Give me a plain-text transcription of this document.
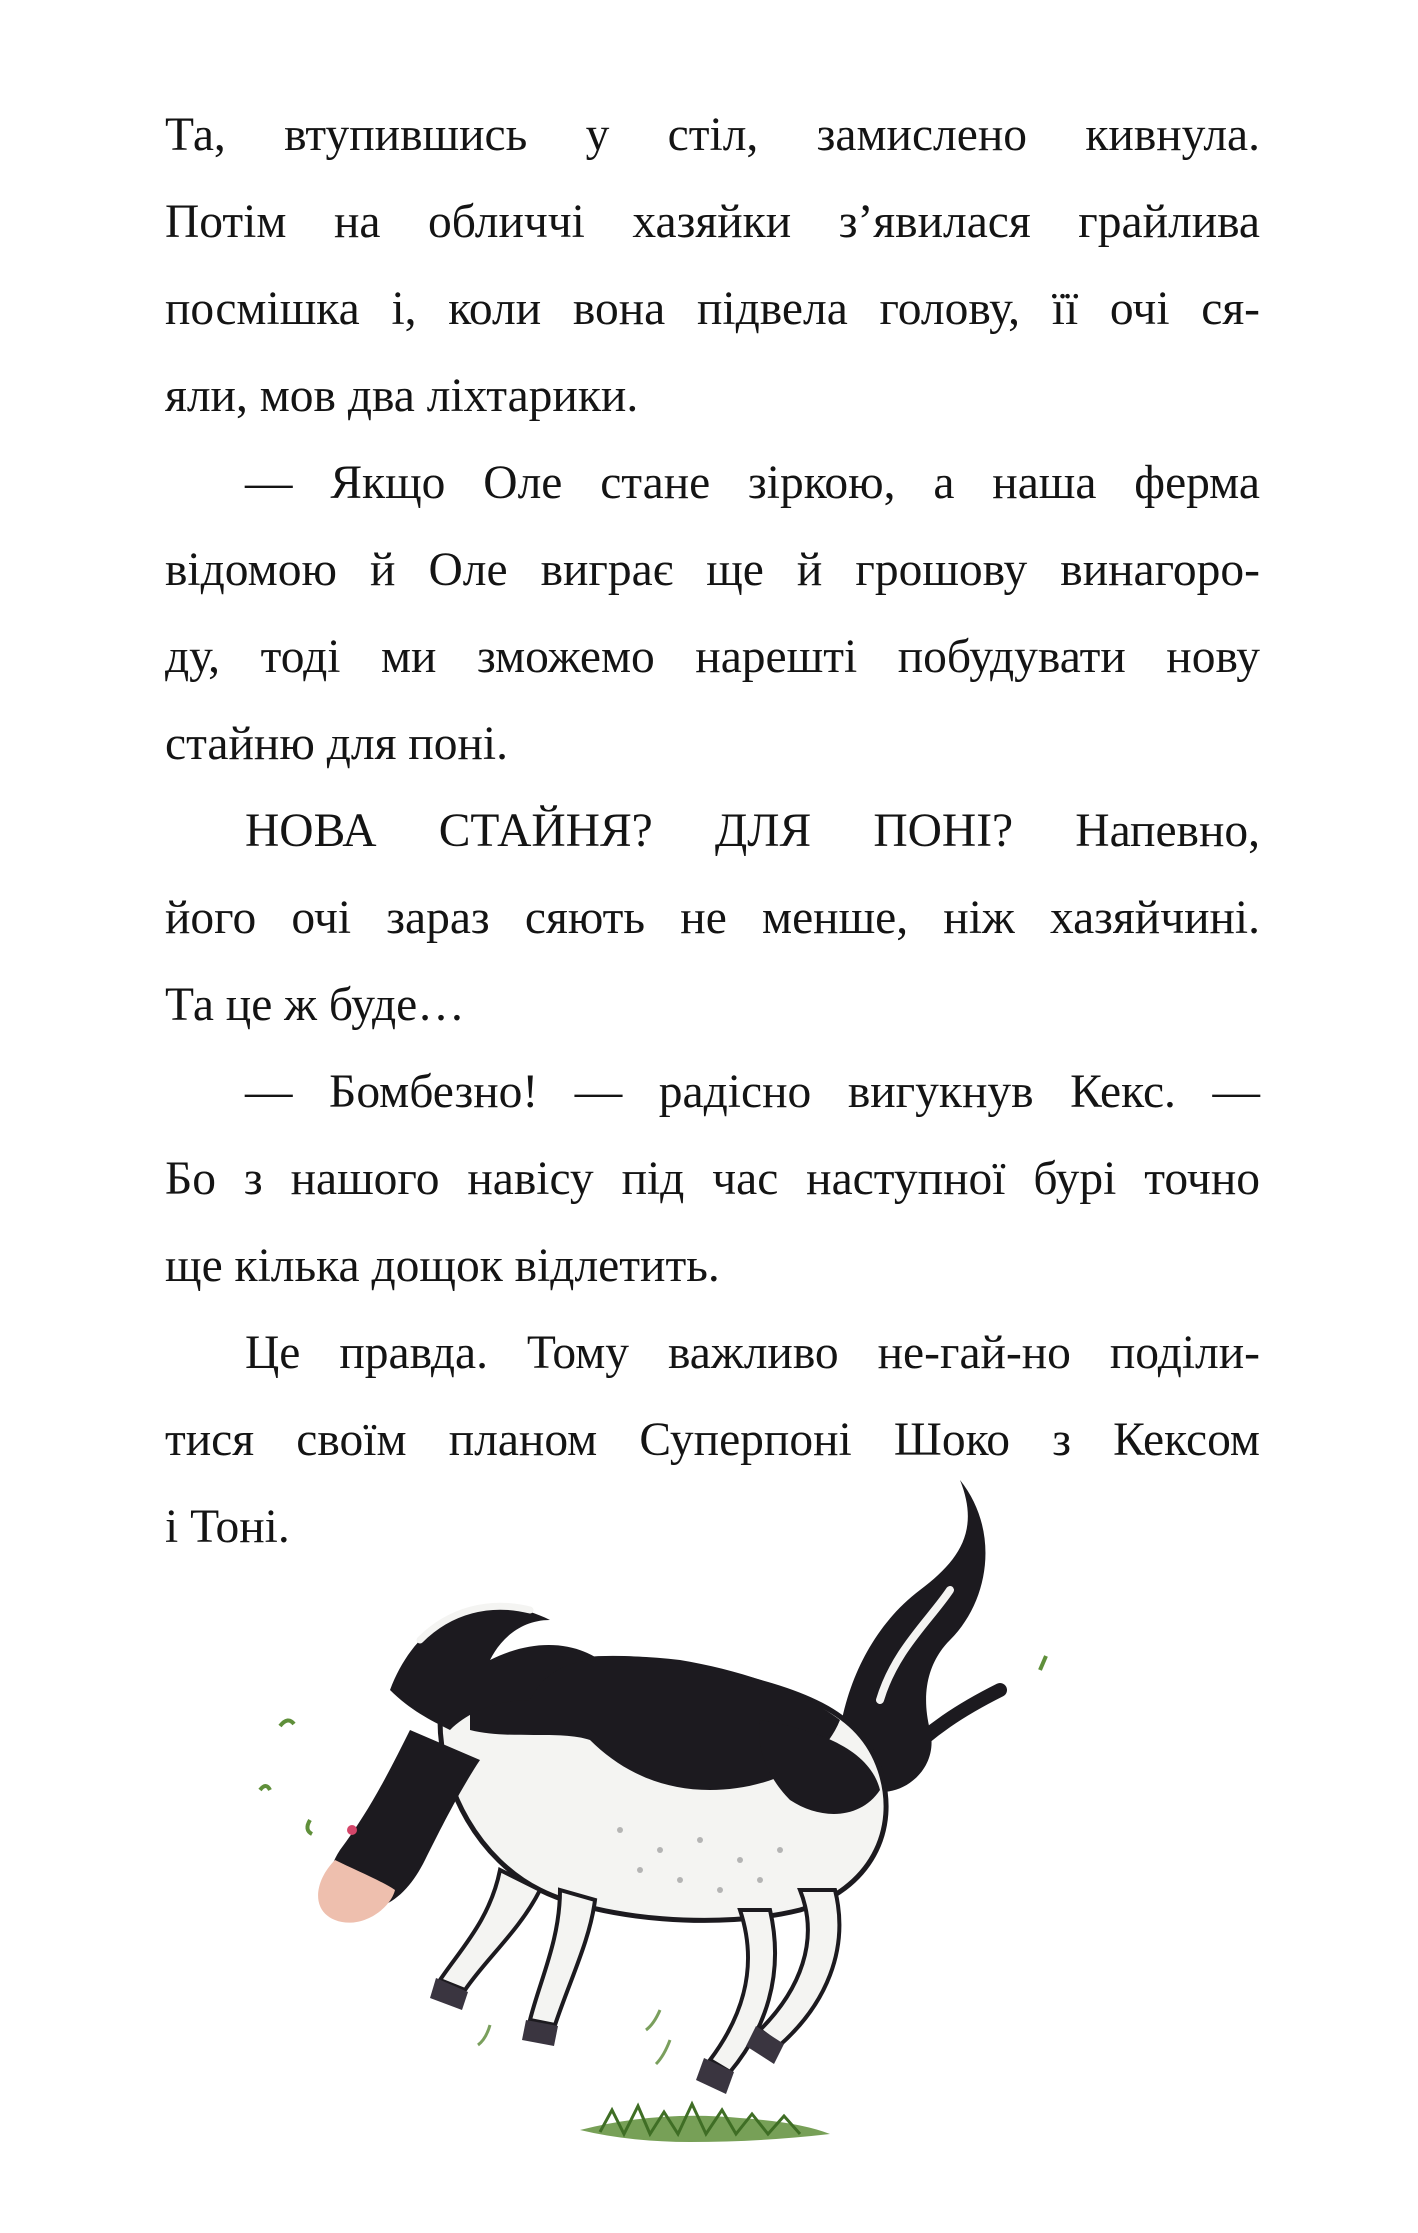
Та, втупившись у стіл, замислено кивнула.
Потім на обличчі хазяйки з’явилася грайлива
посмішка і, коли вона підвела голову, її очі ся-
яли, мов два ліхтарики.

— Якщо Оле стане зіркою, а наша ферма
відомою й Оле виграє ще й грошову винагоро-
ду, тоді ми зможемо нарешті побудувати нову
стайню для поні.

НОВА СТАЙНЯ? ДЛЯ ПОНІ? Напевно,
його очі зараз сяють не менше, ніж хазяйчині.
Та це ж буде…

— Бомбезно! — радісно вигукнув Кекс. —
Бо з нашого навісу під час наступної бурі точно
ще кілька дощок відлетить.

Це правда. Тому важливо не-гай-но поділи-
тися своїм планом Суперпоні Шоко з Кексом
і Тоні.
